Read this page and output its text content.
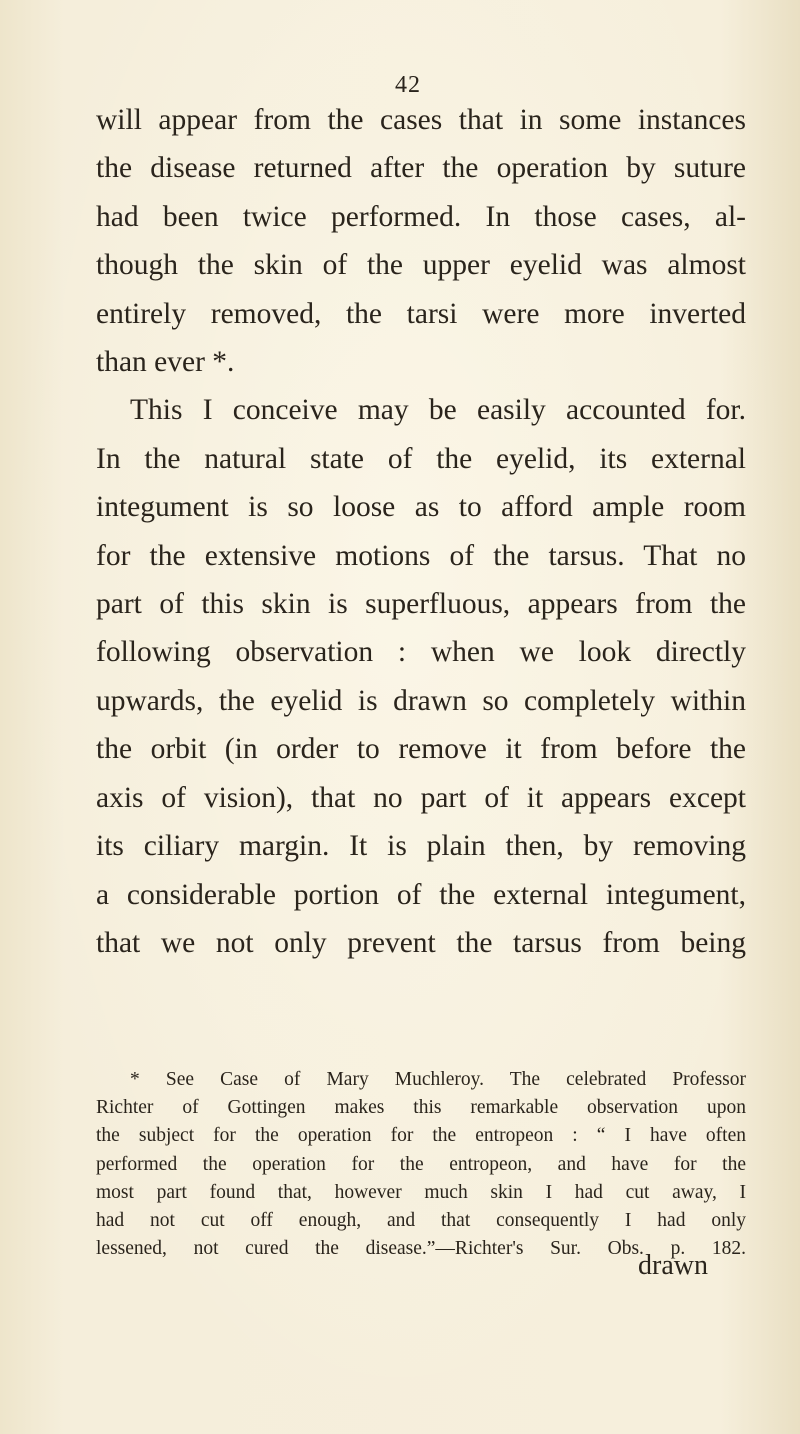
42
will appear from the cases that in some instances
the disease returned after the operation by suture
had been twice performed. In those cases, al-
though the skin of the upper eyelid was almost
entirely removed, the tarsi were more inverted
than ever *.
This I conceive may be easily accounted for.
In the natural state of the eyelid, its external
integument is so loose as to afford ample room
for the extensive motions of the tarsus. That no
part of this skin is superfluous, appears from the
following observation : when we look directly
upwards, the eyelid is drawn so completely within
the orbit (in order to remove it from before the
axis of vision), that no part of it appears except
its ciliary margin. It is plain then, by removing
a considerable portion of the external integument,
that we not only prevent the tarsus from being
* See Case of Mary Muchleroy. The celebrated Professor
Richter of Gottingen makes this remarkable observation upon
the subject for the operation for the entropeon : “ I have often
performed the operation for the entropeon, and have for the
most part found that, however much skin I had cut away, I
had not cut off enough, and that consequently I had only
lessened, not cured the disease.”—Richter's Sur. Obs. p. 182.
drawn
